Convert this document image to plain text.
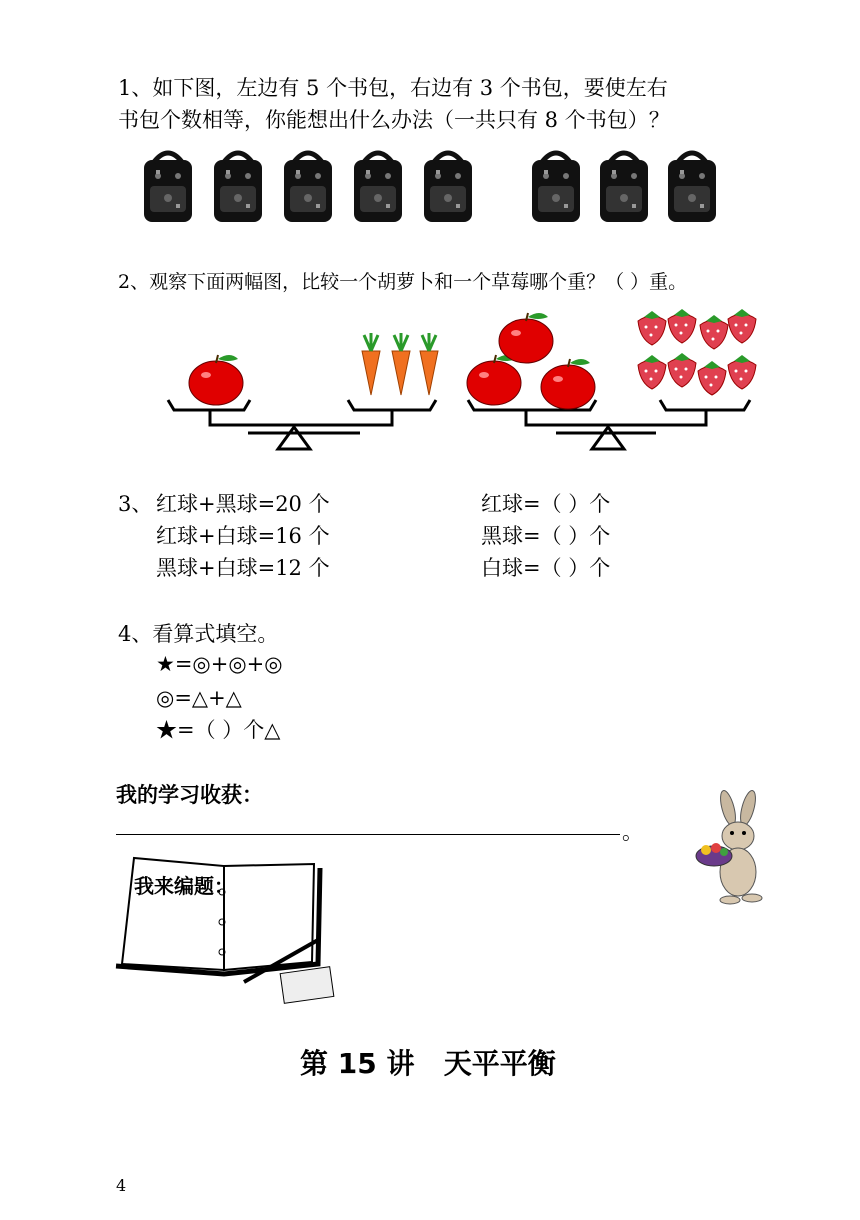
1、如下图，左边有 5 个书包，右边有 3 个书包，要使左右
书包个数相等，你能想出什么办法（一共只有 8 个书包）？
2、观察下面两幅图，比较一个胡萝卜和一个草莓哪个重？（ ）重。
3、 红球+黑球=20 个
红球+白球=16 个
黑球+白球=12 个
红球=（ ）个
黑球=（ ）个
白球=（ ）个
4、看算式填空。
★=◎+◎+◎
◎=△+△
★=（ ）个△
我的学习收获：
。
我来编题：
第 15 讲   天平平衡
4
